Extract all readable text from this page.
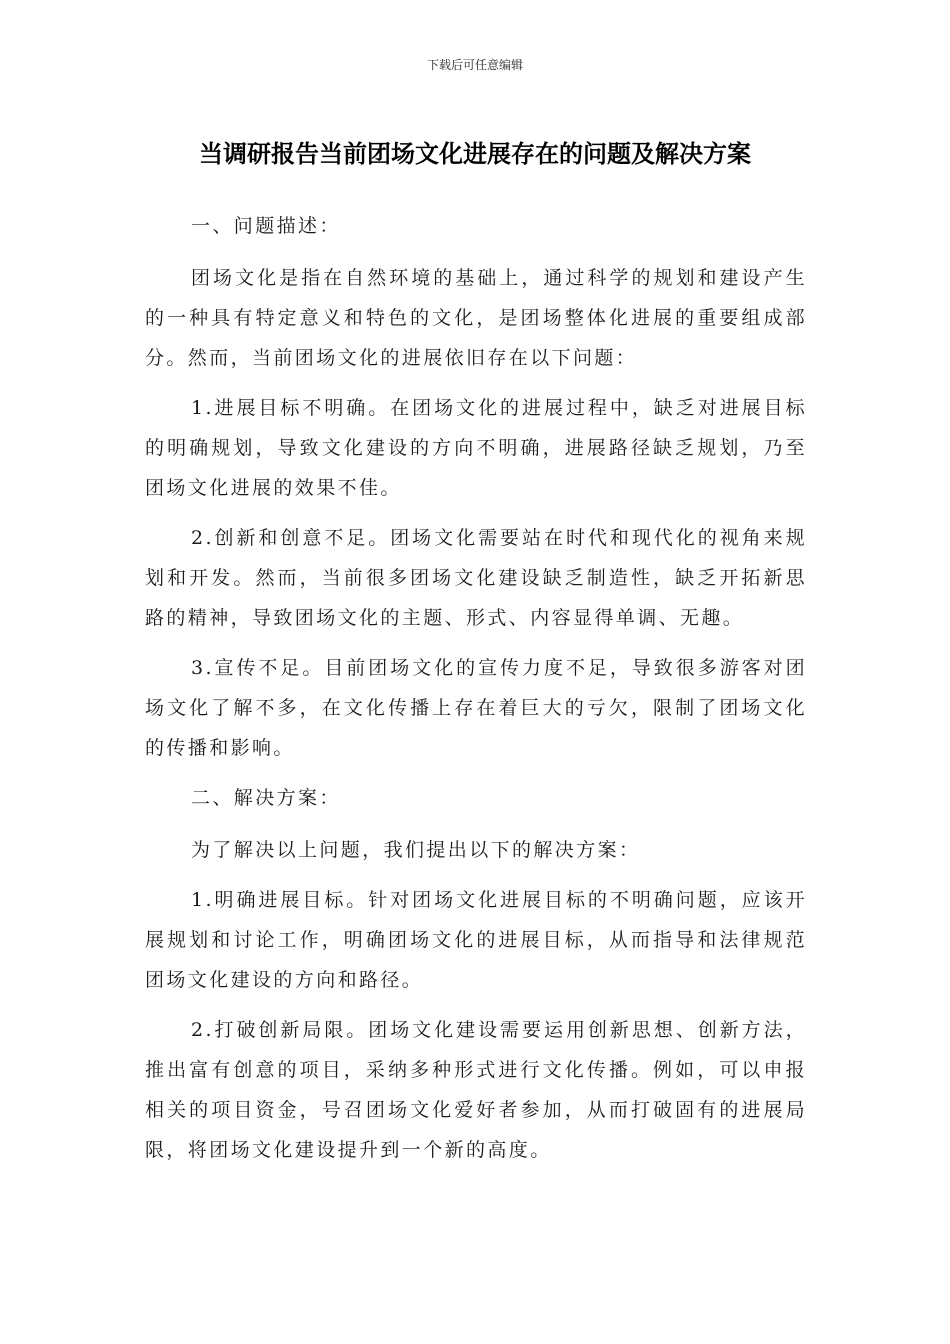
下载后可任意编辑
当调研报告当前团场文化进展存在的问题及解决方案

一、问题描述：

团场文化是指在自然环境的基础上，通过科学的规划和建设产生的一种具有特定意义和特色的文化，是团场整体化进展的重要组成部分。然而，当前团场文化的进展依旧存在以下问题：

1.进展目标不明确。在团场文化的进展过程中，缺乏对进展目标的明确规划，导致文化建设的方向不明确，进展路径缺乏规划，乃至团场文化进展的效果不佳。

2.创新和创意不足。团场文化需要站在时代和现代化的视角来规划和开发。然而，当前很多团场文化建设缺乏制造性，缺乏开拓新思路的精神，导致团场文化的主题、形式、内容显得单调、无趣。

3.宣传不足。目前团场文化的宣传力度不足，导致很多游客对团场文化了解不多，在文化传播上存在着巨大的亏欠，限制了团场文化的传播和影响。

二、解决方案：

为了解决以上问题，我们提出以下的解决方案：

1.明确进展目标。针对团场文化进展目标的不明确问题，应该开展规划和讨论工作，明确团场文化的进展目标，从而指导和法律规范团场文化建设的方向和路径。

2.打破创新局限。团场文化建设需要运用创新思想、创新方法，推出富有创意的项目，采纳多种形式进行文化传播。例如，可以申报相关的项目资金，号召团场文化爱好者参加，从而打破固有的进展局限，将团场文化建设提升到一个新的高度。
